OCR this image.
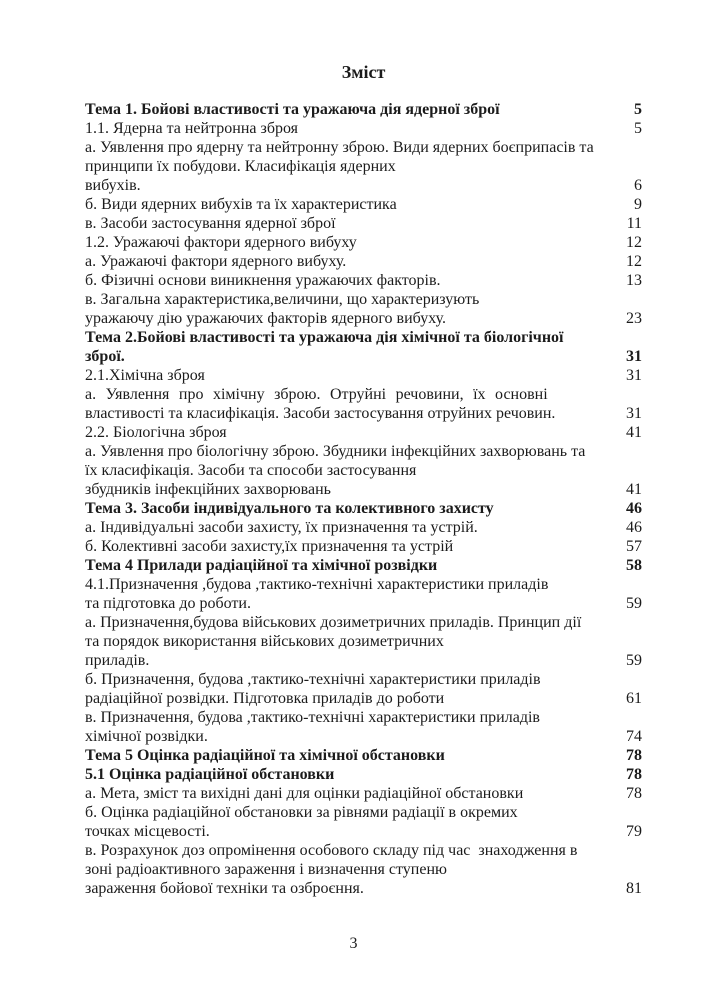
Зміст
Тема 1. Бойові властивості та уражаюча дія ядерної зброї	5
1.1. Ядерна та нейтронна зброя	5
а. Уявлення про ядерну та нейтронну зброю. Види ядерних боєприпасів та
принципи їх побудови. Класифікація ядерних
вибухів.	6
б. Види ядерних вибухів та їх характеристика	9
в. Засоби застосування ядерної зброї	11
1.2. Уражаючі фактори ядерного вибуху	12
а. Уражаючі фактори ядерного вибуху.	12
б. Фізичні основи виникнення уражаючих факторів.	13
в. Загальна характеристика,величини, що характеризують
уражаючу дію уражаючих факторів ядерного вибуху.	23
Тема 2.Бойові властивості та уражаюча дія хімічної та біологічної
зброї.	31
2.1.Хімічна зброя	31
а. Уявлення про хімічну зброю. Отруйні речовини, їх основні
властивості та класифікація. Засоби застосування отруйних речовин.	31
2.2. Біологічна зброя	41
а. Уявлення про біологічну зброю. Збудники інфекційних захворювань та
їх класифікація. Засоби та способи застосування
збудників інфекційних захворювань	41
Тема 3. Засоби індивідуального та колективного захисту	46
а. Індивідуальні засоби захисту, їх призначення та устрій.	46
б. Колективні засоби захисту,їх призначення та устрій	57
Тема 4 Прилади радіаційної та хімічної розвідки	58
4.1.Призначення ,будова ,тактико-технічні характеристики приладів
та підготовка до роботи.	59
а. Призначення,будова військових дозиметричних приладів. Принцип дії
та порядок використання військових дозиметричних
приладів.	59
б. Призначення, будова ,тактико-технічні характеристики приладів
радіаційної розвідки. Підготовка приладів до роботи	61
в. Призначення, будова ,тактико-технічні характеристики приладів
хімічної розвідки.	74
Тема 5 Оцінка радіаційної та хімічної обстановки	78
5.1 Оцінка радіаційної обстановки	78
а. Мета, зміст та вихідні дані для оцінки радіаційної обстановки	78
б. Оцінка радіаційної обстановки за рівнями радіації в окремих
точках місцевості.	79
в. Розрахунок доз опромінення особового складу під час  знаходження в
зоні радіоактивного зараження і визначення ступеню
зараження бойової техніки та озброєння.	81
3
